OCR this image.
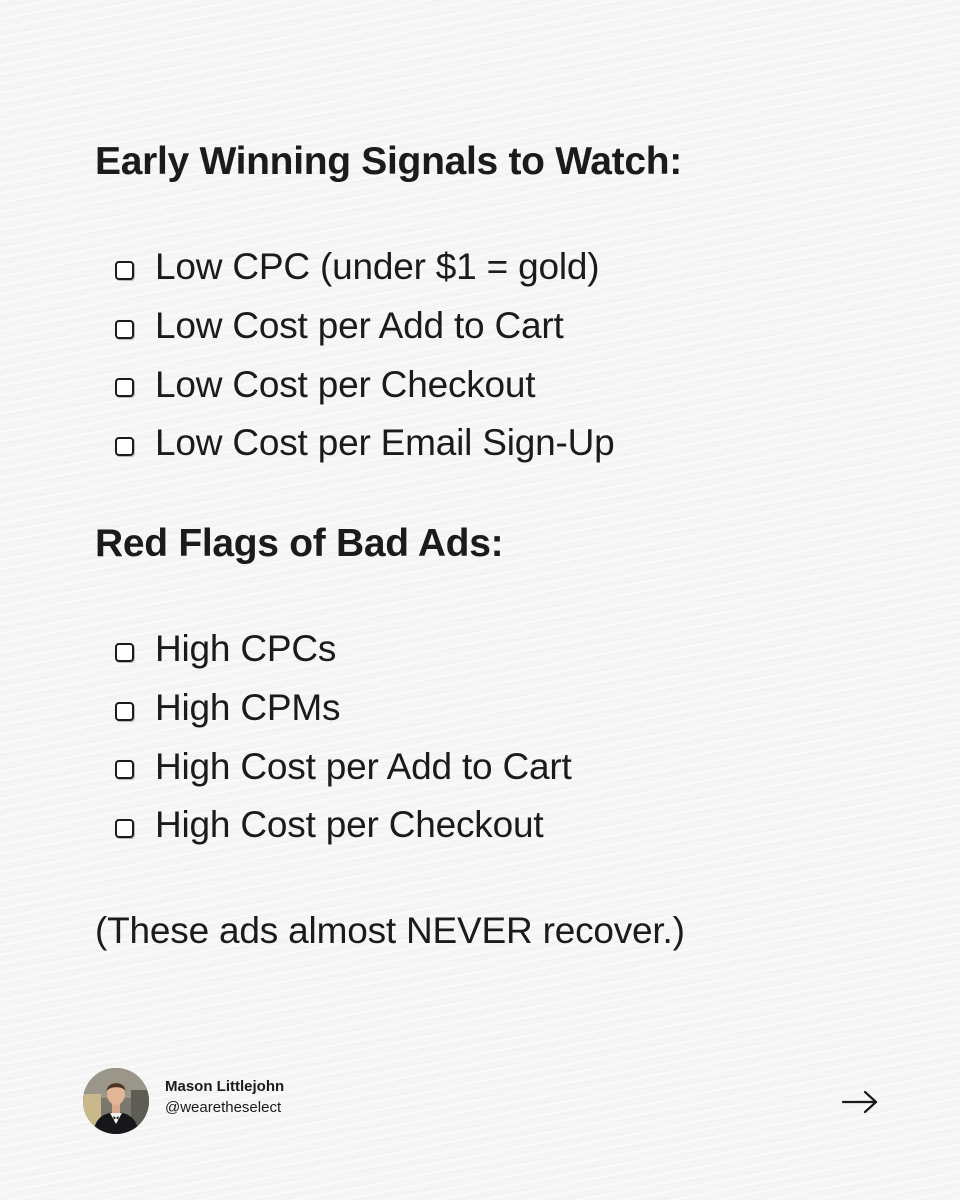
Early Winning Signals to Watch:
Low CPC (under $1 = gold)
Low Cost per Add to Cart
Low Cost per Checkout
Low Cost per Email Sign-Up
Red Flags of Bad Ads:
High CPCs
High CPMs
High Cost per Add to Cart
High Cost per Checkout
(These ads almost NEVER recover.)
Mason Littlejohn
@wearetheselect
